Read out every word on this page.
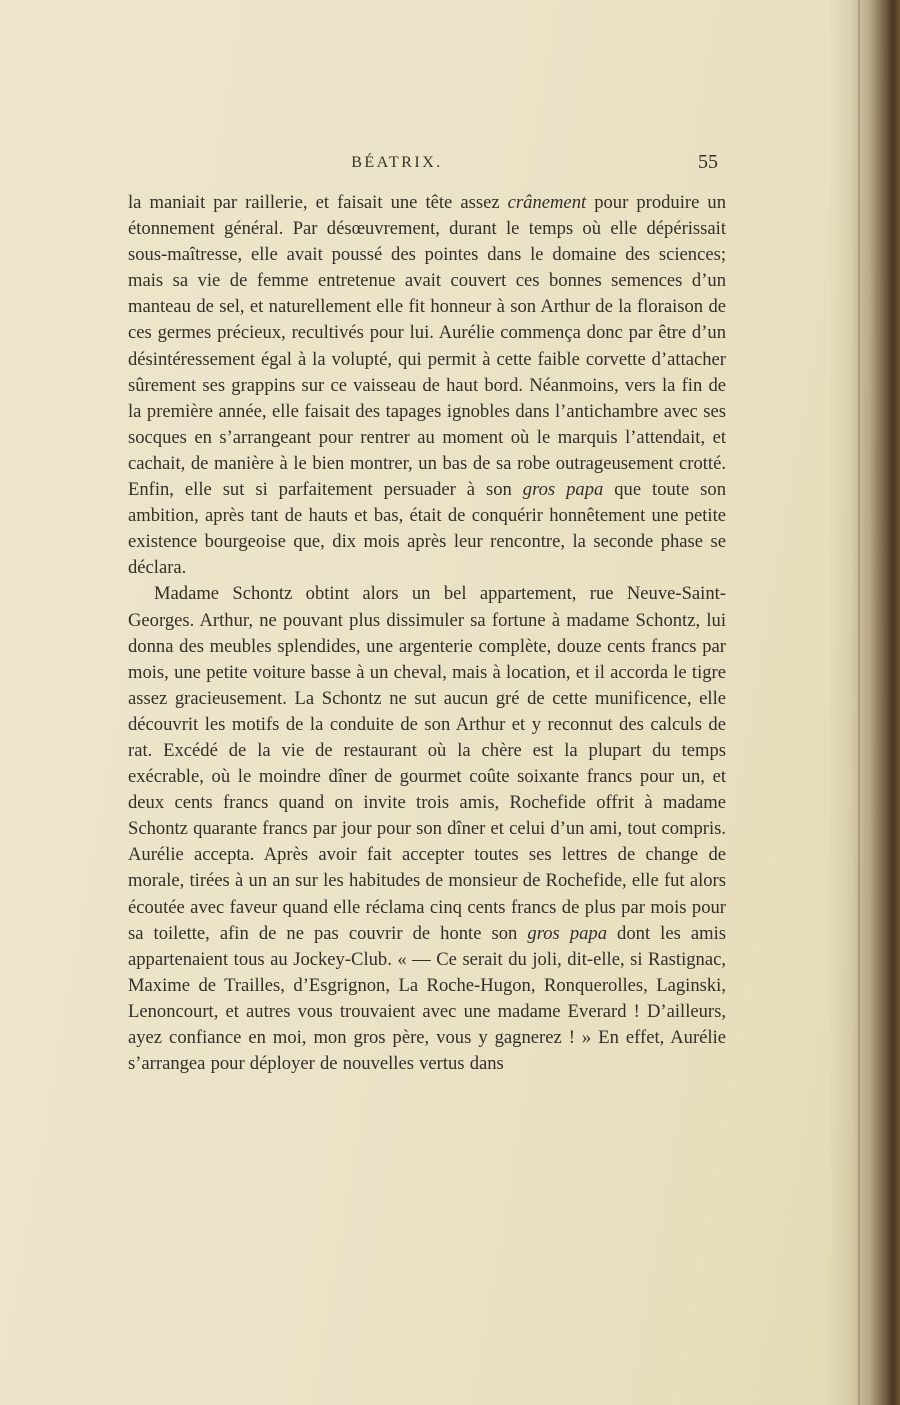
BÉATRIX.	55

la maniait par raillerie, et faisait une tête assez crânement pour produire un étonnement général. Par désœuvrement, durant le temps où elle dépérissait sous-maîtresse, elle avait poussé des pointes dans le domaine des sciences; mais sa vie de femme entretenue avait couvert ces bonnes semences d’un manteau de sel, et naturellement elle fit honneur à son Arthur de la floraison de ces germes précieux, recultivés pour lui. Aurélie commença donc par être d’un désintéressement égal à la volupté, qui permit à cette faible corvette d’attacher sûrement ses grappins sur ce vaisseau de haut bord. Néanmoins, vers la fin de la première année, elle faisait des tapages ignobles dans l’antichambre avec ses socques en s’arrangeant pour rentrer au moment où le marquis l’attendait, et cachait, de manière à le bien montrer, un bas de sa robe outrageusement crotté. Enfin, elle sut si parfaitement persuader à son gros papa que toute son ambition, après tant de hauts et bas, était de conquérir honnêtement une petite existence bourgeoise que, dix mois après leur rencontre, la seconde phase se déclara.

Madame Schontz obtint alors un bel appartement, rue Neuve-Saint-Georges. Arthur, ne pouvant plus dissimuler sa fortune à madame Schontz, lui donna des meubles splendides, une argenterie complète, douze cents francs par mois, une petite voiture basse à un cheval, mais à location, et il accorda le tigre assez gracieusement. La Schontz ne sut aucun gré de cette munificence, elle découvrit les motifs de la conduite de son Arthur et y reconnut des calculs de rat. Excédé de la vie de restaurant où la chère est la plupart du temps exécrable, où le moindre dîner de gourmet coûte soixante francs pour un, et deux cents francs quand on invite trois amis, Rochefide offrit à madame Schontz quarante francs par jour pour son dîner et celui d’un ami, tout compris. Aurélie accepta. Après avoir fait accepter toutes ses lettres de change de morale, tirées à un an sur les habitudes de monsieur de Rochefide, elle fut alors écoutée avec faveur quand elle réclama cinq cents francs de plus par mois pour sa toilette, afin de ne pas couvrir de honte son gros papa dont les amis appartenaient tous au Jockey-Club. « — Ce serait du joli, dit-elle, si Rastignac, Maxime de Trailles, d’Esgrignon, La Roche-Hugon, Ronquerolles, Laginski, Lenoncourt, et autres vous trouvaient avec une madame Everard ! D’ailleurs, ayez confiance en moi, mon gros père, vous y gagnerez ! » En effet, Aurélie s’arrangea pour déployer de nouvelles vertus dans
